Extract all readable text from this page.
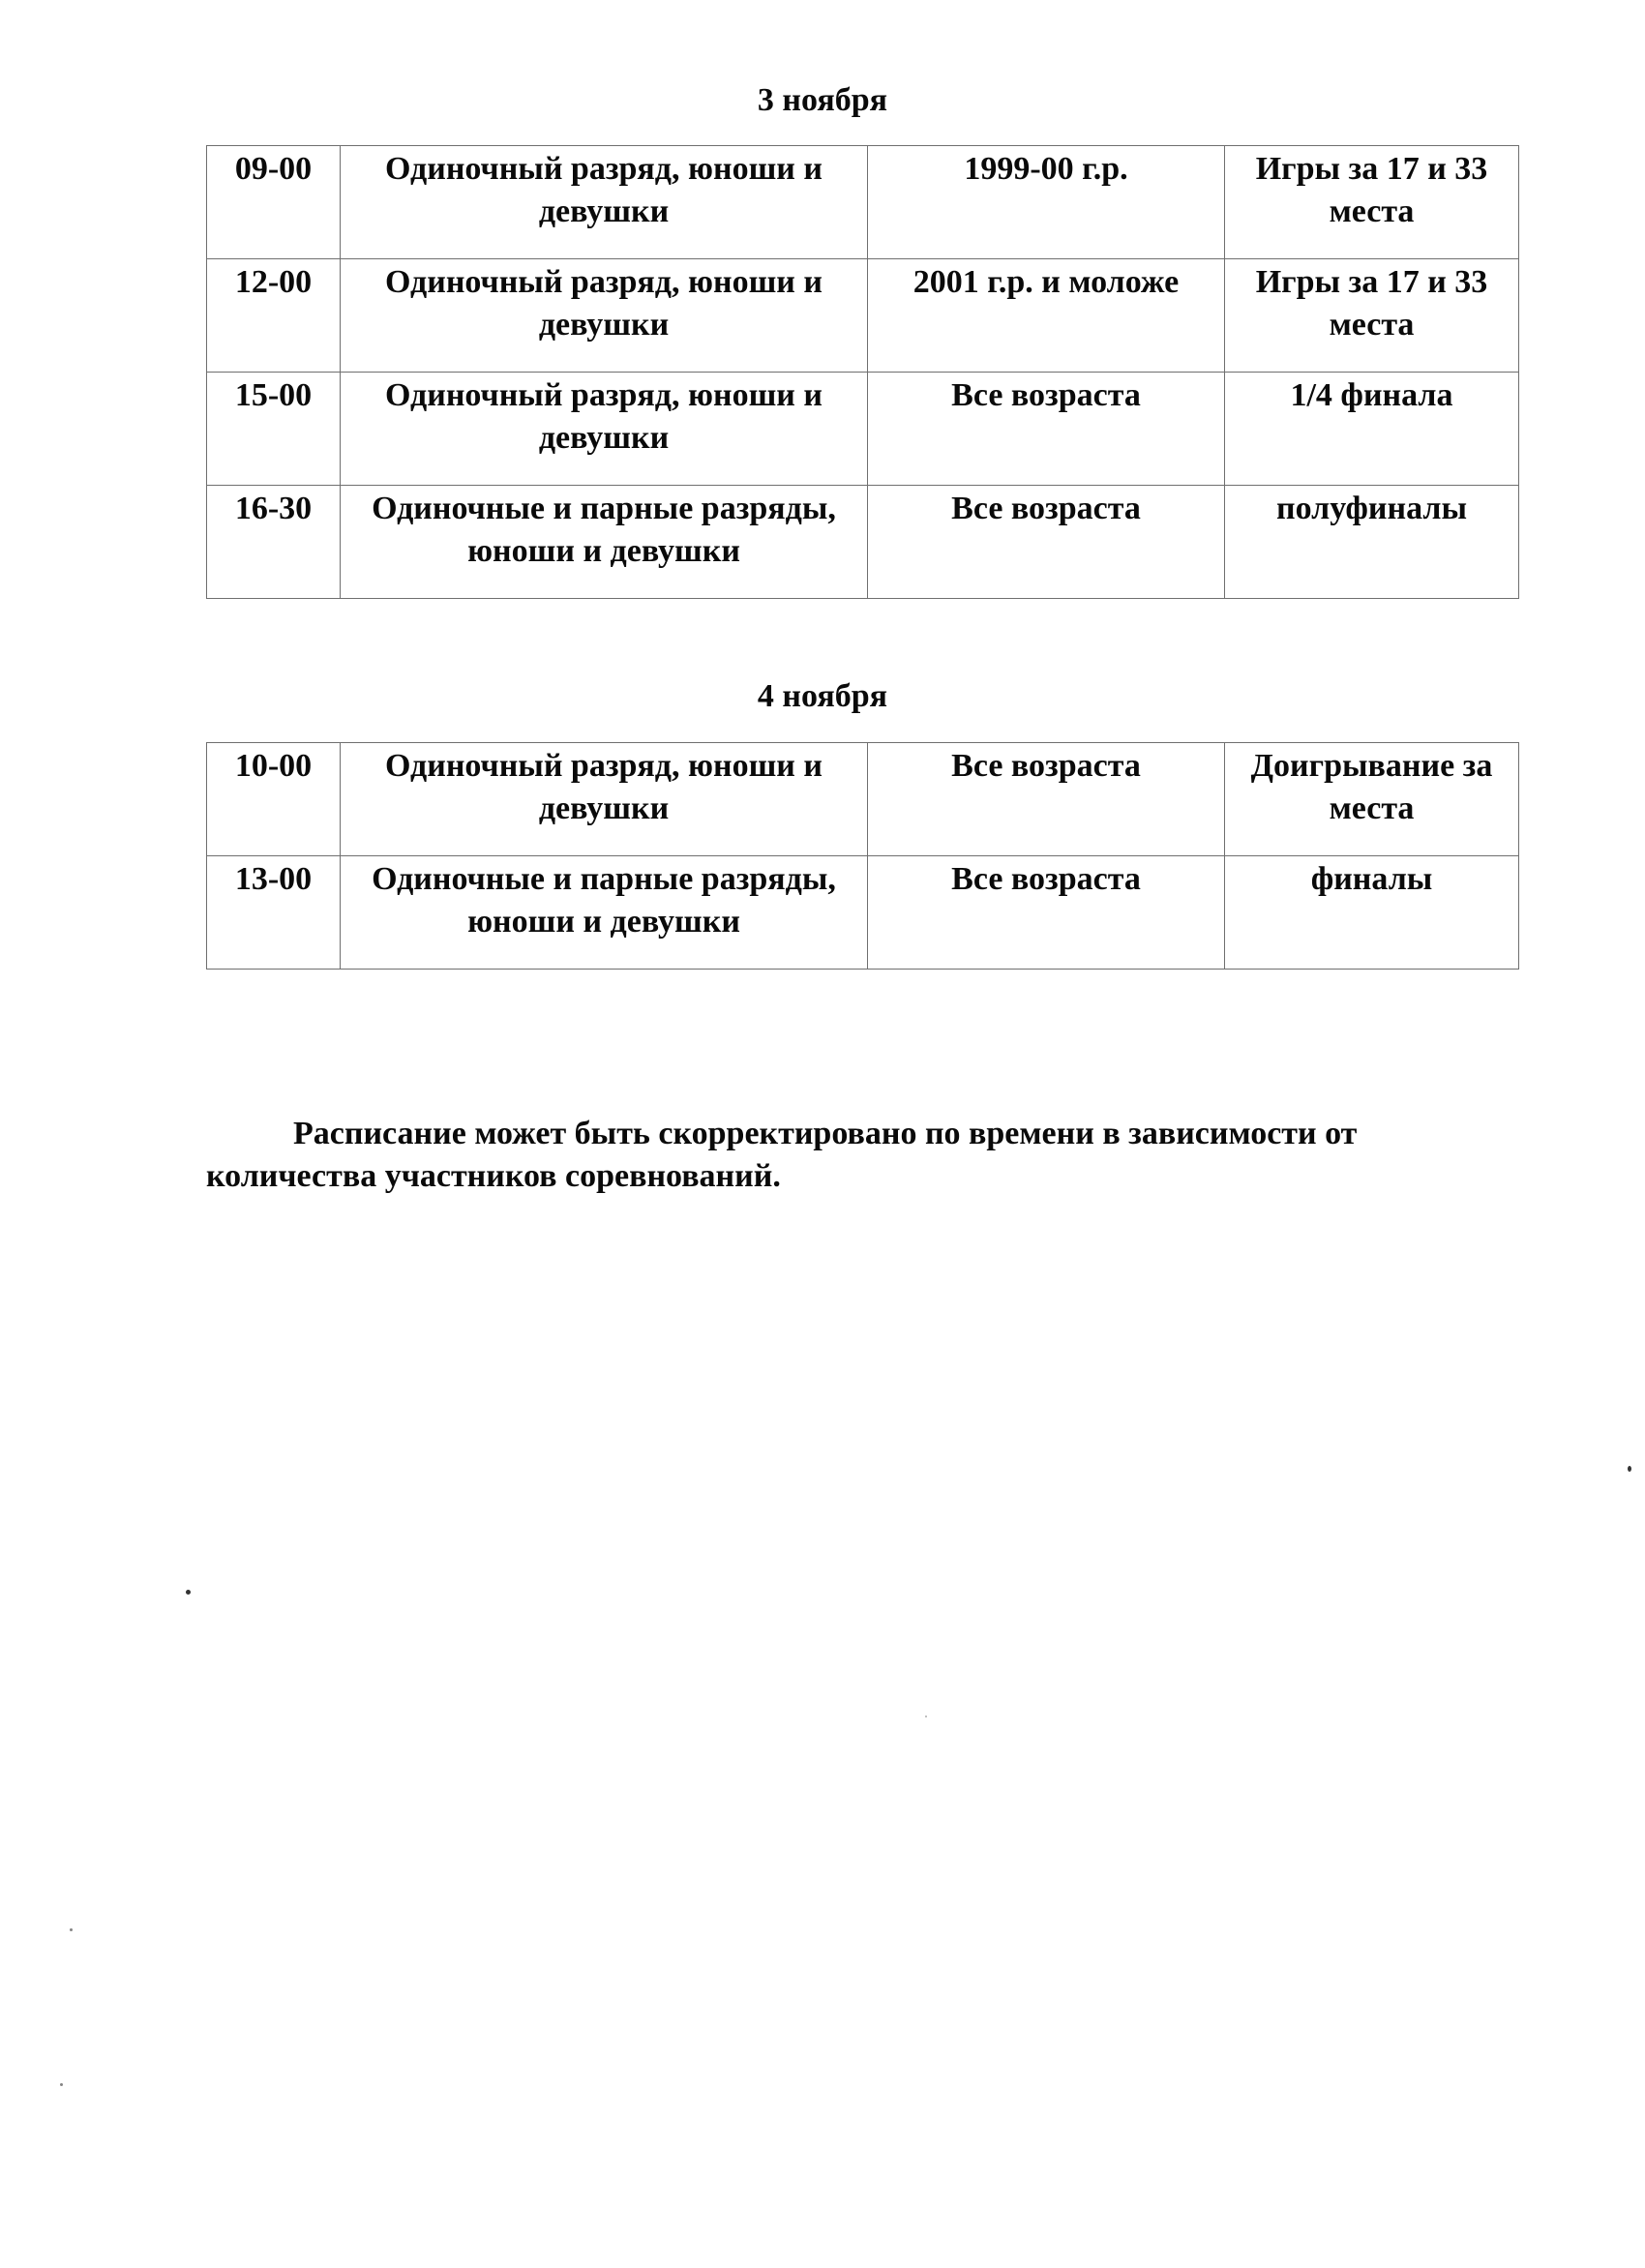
3 ноября
09-00	Одиночный разряд, юноши и девушки	1999-00 г.р.	Игры за 17 и 33 места
12-00	Одиночный разряд, юноши и девушки	2001 г.р. и моложе	Игры за 17 и 33 места
15-00	Одиночный разряд, юноши и девушки	Все возраста	1/4 финала
16-30	Одиночные и парные разряды, юноши и девушки	Все возраста	полуфиналы
4 ноября
10-00	Одиночный разряд, юноши и девушки	Все возраста	Доигрывание за места
13-00	Одиночные и парные разряды, юноши и девушки	Все возраста	финалы

Расписание может быть скорректировано по времени в зависимости от количества участников соревнований.
